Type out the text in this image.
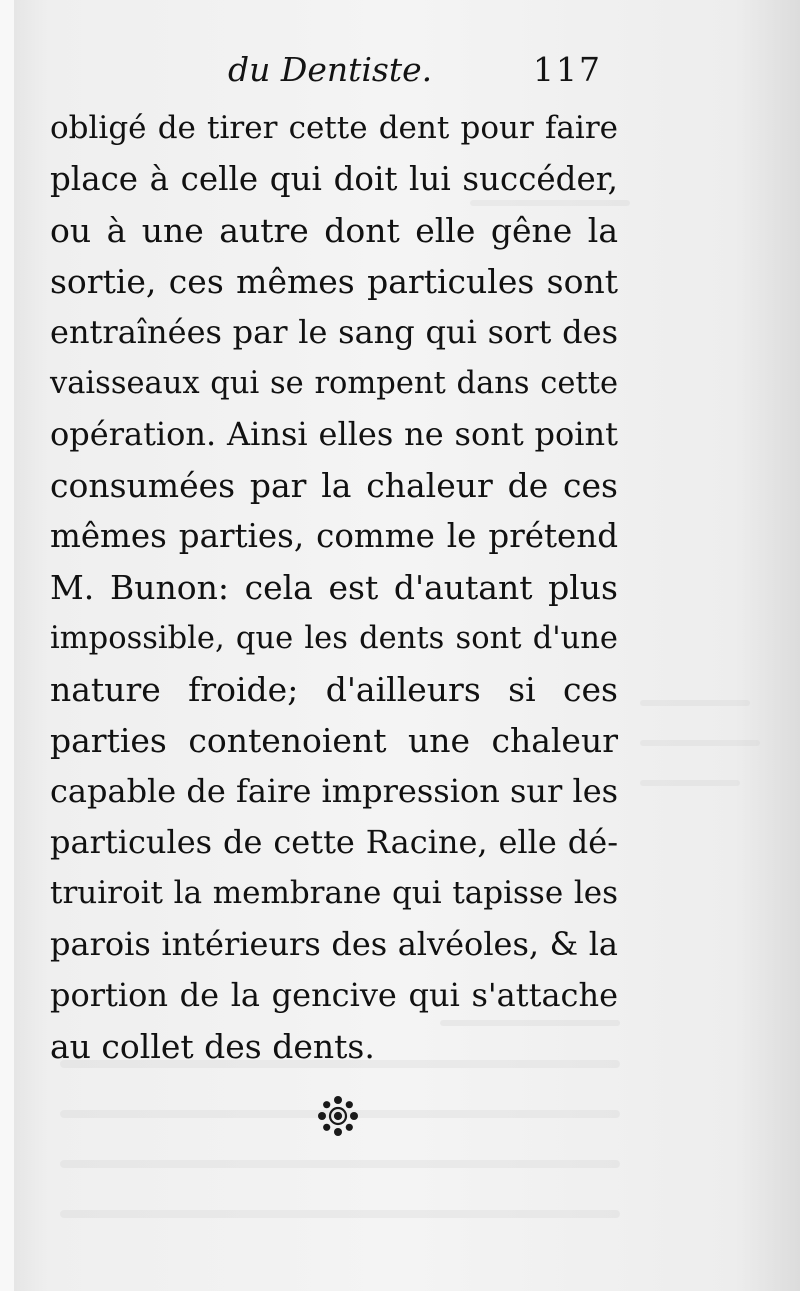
du Dentiste.	117
obligé de tirer cette dent pour faire
place à celle qui doit lui succéder,
ou à une autre dont elle gêne la
sortie, ces mêmes particules sont
entraînées par le sang qui sort des
vaisseaux qui se rompent dans cette
opération. Ainsi elles ne sont point
consumées par la chaleur de ces
mêmes parties, comme le prétend
M. Bunon: cela est d'autant plus
impossible, que les dents sont d'une
nature froide; d'ailleurs si ces
parties contenoient une chaleur
capable de faire impression sur les
particules de cette Racine, elle dé-
truiroit la membrane qui tapisse les
parois intérieurs des alvéoles, & la
portion de la gencive qui s'attache
au collet des dents.
